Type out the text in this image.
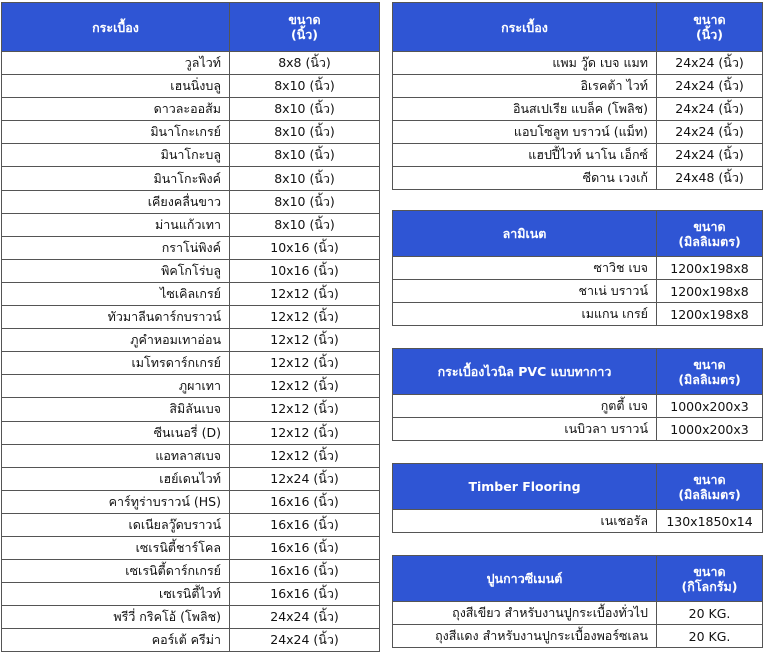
กระเบื้อง	ขนาด
(นิ้ว)
วูลไวท์	8x8 (นิ้ว)
เฮนนิ่งบลู	8x10 (นิ้ว)
ดาวละออส้ม	8x10 (นิ้ว)
มินาโกะเกรย์	8x10 (นิ้ว)
มินาโกะบลู	8x10 (นิ้ว)
มินาโกะพิงค์	8x10 (นิ้ว)
เคียงคลื่นขาว	8x10 (นิ้ว)
ม่านแก้วเทา	8x10 (นิ้ว)
กราโน่พิงค์	10x16 (นิ้ว)
พิคโกโร่บลู	10x16 (นิ้ว)
ไซเคิลเกรย์	12x12 (นิ้ว)
ทัวมาลีนดาร์กบราวน์	12x12 (นิ้ว)
ภูคำหอมเทาอ่อน	12x12 (นิ้ว)
เมโทรดาร์กเกรย์	12x12 (นิ้ว)
ภูผาเทา	12x12 (นิ้ว)
สิมิลันเบจ	12x12 (นิ้ว)
ซีนเนอรี่ (D)	12x12 (นิ้ว)
แอทลาสเบจ	12x12 (นิ้ว)
เฮย์เดนไวท์	12x24 (นิ้ว)
คาร์ทูร่าบราวน์ (HS)	16x16 (นิ้ว)
เดเนียลวู๊ดบราวน์	16x16 (นิ้ว)
เซเรนิตี้ชาร์โคล	16x16 (นิ้ว)
เซเรนิตี้ดาร์กเกรย์	16x16 (นิ้ว)
เซเรนิตี้ไวท์	16x16 (นิ้ว)
พรีวี่ กริคโอ้ (โพลิช)	24x24 (นิ้ว)
คอร์เต้ ครีม่า	24x24 (นิ้ว)
กระเบื้อง	ขนาด
(นิ้ว)
แพม วู๊ด เบจ แมท	24x24 (นิ้ว)
อิเรคต้า ไวท์	24x24 (นิ้ว)
อินสเปเรีย แบล็ค (โพลิช)	24x24 (นิ้ว)
แอบโซลูท บราวน์ (แม็ท)	24x24 (นิ้ว)
แฮปปี้ไวท์ นาโน เอ็กซ์	24x24 (นิ้ว)
ซีดาน เวงเก้	24x48 (นิ้ว)
ลามิเนต	ขนาด
(มิลลิเมตร)
ซาวิช เบจ	1200x198x8
ชาเน่ บราวน์	1200x198x8
เมแกน เกรย์	1200x198x8
กระเบื้องไวนิล PVC แบบทากาว	ขนาด
(มิลลิเมตร)
กูตตี้ เบจ	1000x200x3
เนบิวลา บราวน์	1000x200x3
Timber Flooring	ขนาด
(มิลลิเมตร)
เนเชอรัล	130x1850x14
ปูนกาวซีเมนต์	ขนาด
(กิโลกรัม)
ถุงสีเขียว สำหรับงานปูกระเบื้องทั่วไป	20 KG.
ถุงสีแดง สำหรับงานปูกระเบื้องพอร์ซเลน	20 KG.
